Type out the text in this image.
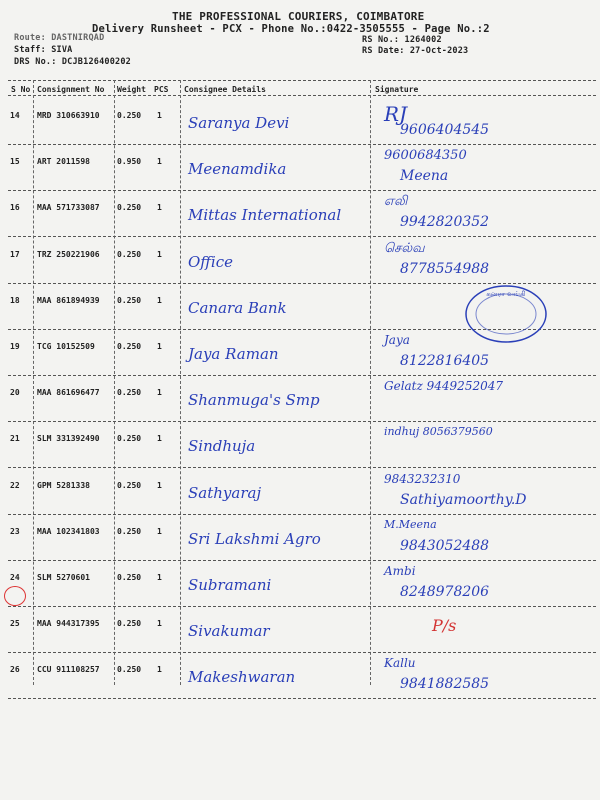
THE PROFESSIONAL COURIERS, COIMBATORE
Delivery Runsheet - PCX - Phone No.:0422-3505555 - Page No.:2
Route: DASTNIRQAD
Staff: SIVA
DRS No.: DCJB126400202
RS No.: 1264002
RS Date: 27-Oct-2023
S No Consignment No Weight PCS Consignee Details	Signature
14 MRD 310663910 0.250 1 Saranya Devi	RJ
9606404545
15 ART 2011598	0.950 1 Meenamdika
9600684350
Meena
16 MAA 571733087 0.250 1 Mittas International
எலி
9942820352
17 TRZ 250221906 0.250 1 Office
செல்வ
8778554988
18 MAA 861894939 0.250 1 Canara Bank
19 TCG 10152509	0.250 1 Jaya Raman
Jaya
8122816405
20 MAA 861696477 0.250 1 Shanmuga's Smp
Gelatz 9449252047
21 SLM 331392490 0.250 1 Sindhuja
indhuj 8056379560
22 GPM 5281338	0.250 1 Sathyaraj
9843232310
Sathiyamoorthy.D
23 MAA 102341803 0.250 1 Sri Lakshmi Agro
M.Meena
9843052488
24 SLM 5270601	0.250 1 Subramani
Ambi
8248978206
25 MAA 944317395 0.250 1 Sivakumar	P/s
26 CCU 911108257 0.250 1 Makeshwaran
Kallu
9841882585
கனரா வங்கி
